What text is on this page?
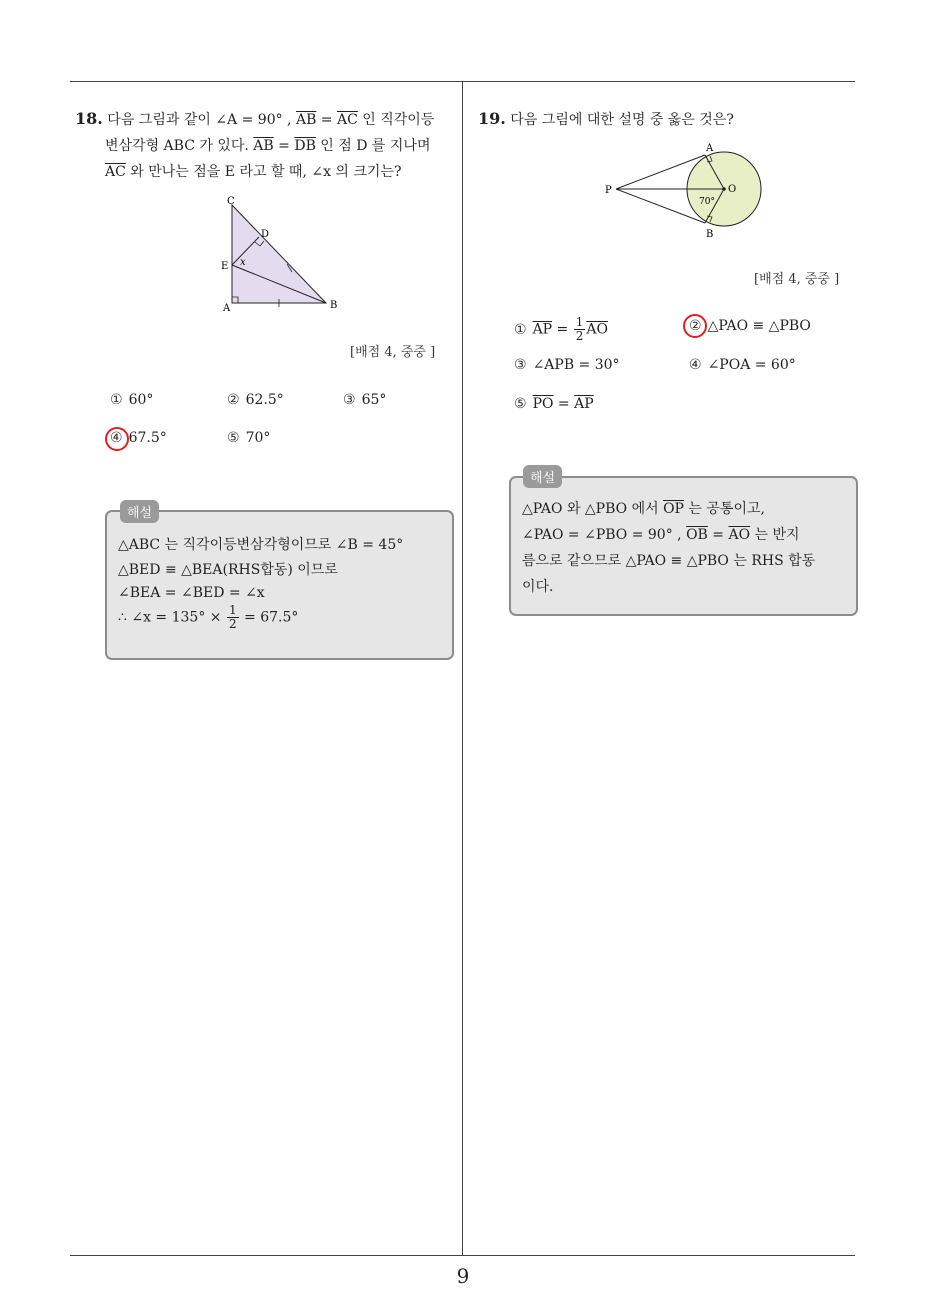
9
18. 다음 그림과 같이 ∠A = 90° , $\overline{AB} = \overline{AC}$ 인 직각이등
변삼각형 ABC 가 있다. $\overline{AB} = \overline{DB}$ 인 점 D 를 지나며
$\overline{AC}$ 와 만나는 점을 E 라고 할 때, ∠x 의 크기는?
C
D
E x
A	B
[배점 4, 중중 ]
① 60°	② 62.5°	③ 65°
④ 67.5°	⑤ 70°
해설
△ABC 는 직각이등변삼각형이므로 ∠B = 45°
△BED ≡ △BEA(RHS합동) 이므로
∠BEA = ∠BED = ∠x
∴ ∠x = $135^\circ \times \frac{1}{2} = 67.5^\circ$
19. 다음 그림에 대한 설명 중 옳은 것은?
A
P	O
B
70°
[배점 4, 중중 ]
① $\overline{AP} = \frac{1}{2} \overline{AO}$	② △PAO ≡ △PBO
③ ∠APB = 30°	④ ∠POA = 60°
⑤ $\overline{PO} = \overline{AP}$
해설
△PAO 와 △PBO 에서 $\overline{OP}$ 는 공통이고,
∠PAO = ∠PBO = 90° , $\overline{OB} = \overline{AO}$ 는 반지
름으로 같으므로 △PAO ≡ △PBO 는 RHS 합동
이다.
